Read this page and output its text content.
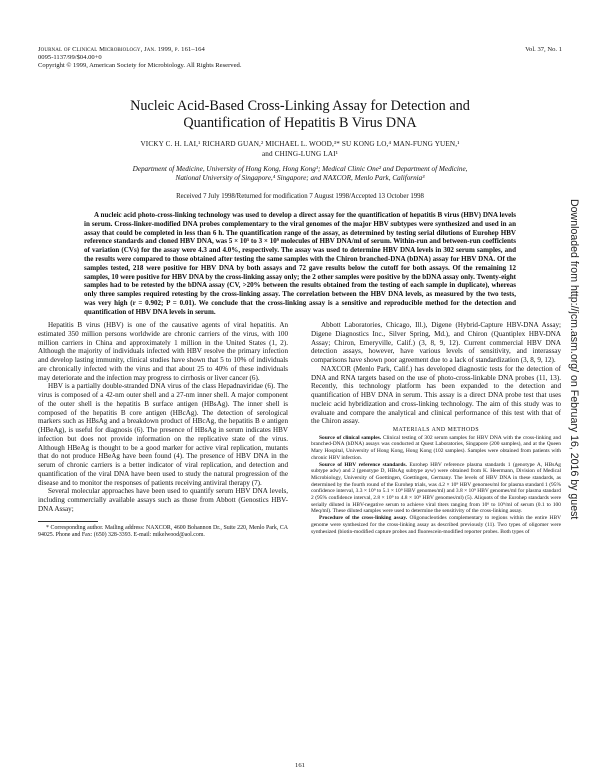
Journal of Clinical Microbiology, Jan. 1999, p. 161–164
0095-1137/99/$04.00+0
Copyright © 1999, American Society for Microbiology. All Rights Reserved.
Vol. 37, No. 1
Nucleic Acid-Based Cross-Linking Assay for Detection and
Quantification of Hepatitis B Virus DNA
VICKY C. H. LAI,¹ RICHARD GUAN,² MICHAEL L. WOOD,³* SU KONG LO,⁴ MAN-FUNG YUEN,¹
and CHING-LUNG LAI¹
Department of Medicine, University of Hong Kong, Hong Kong¹; Medical Clinic One² and Department of Medicine,
National University of Singapore,⁴ Singapore; and NAXCOR, Menlo Park, California³
Received 7 July 1998/Returned for modification 7 August 1998/Accepted 13 October 1998
A nucleic acid photo-cross-linking technology was used to develop a direct assay for the quantification of hepatitis B virus (HBV) DNA levels in serum. Cross-linker-modified DNA probes complementary to the viral genomes of the major HBV subtypes were synthesized and used in an assay that could be completed in less than 6 h. The quantification range of the assay, as determined by testing serial dilutions of Eurohep HBV reference standards and cloned HBV DNA, was 5 × 10⁵ to 3 × 10⁹ molecules of HBV DNA/ml of serum. Within-run and between-run coefficients of variation (CVs) for the assay were 4.3 and 4.0%, respectively. The assay was used to determine HBV DNA levels in 302 serum samples, and the results were compared to those obtained after testing the same samples with the Chiron branched-DNA (bDNA) assay for HBV DNA. Of the samples tested, 218 were positive for HBV DNA by both assays and 72 gave results below the cutoff for both assays. Of the remaining 12 samples, 10 were positive for HBV DNA by the cross-linking assay only; the 2 other samples were positive by the bDNA assay only. Twenty-eight samples had to be retested by the bDNA assay (CV, >20% between the results obtained from the testing of each sample in duplicate), whereas only three samples required retesting by the cross-linking assay. The correlation between the HBV DNA levels, as measured by the two tests, was very high (r = 0.902; P = 0.01). We conclude that the cross-linking assay is a sensitive and reproducible method for the detection and quantification of HBV DNA levels in serum.

Hepatitis B virus (HBV) is one of the causative agents of viral hepatitis. An estimated 350 million persons worldwide are chronic carriers of the virus, with 100 million carriers in China and approximately 1 million in the United States (1, 2). Although the majority of individuals infected with HBV resolve the primary infection and develop lasting immunity, clinical studies have shown that 5 to 10% of individuals are chronically infected with the virus and that about 25 to 40% of these individuals may deteriorate and the infection may progress to cirrhosis or liver cancer (6).

HBV is a partially double-stranded DNA virus of the class Hepadnaviridae (6). The virus is composed of a 42-nm outer shell and a 27-nm inner shell. A major component of the outer shell is the hepatitis B surface antigen (HBsAg). The inner shell is composed of the hepatitis B core antigen (HBcAg). The detection of serological markers such as HBsAg and a breakdown product of HBcAg, the hepatitis B e antigen (HBeAg), is useful for diagnosis (6). The presence of HBsAg in serum indicates HBV infection but does not provide information on the replicative state of the virus. Although HBeAg is thought to be a good marker for active viral replication, mutants that do not produce HBeAg have been found (4). The presence of HBV DNA in the serum of chronic carriers is a better indicator of viral replication, and detection and quantification of the viral DNA have been used to study the natural progression of the disease and to monitor the responses of patients receiving antiviral therapy (7).

Several molecular approaches have been used to quantify serum HBV DNA levels, including commercially available assays such as those from Abbott (Genostics HBV-DNA Assay;

* Corresponding author. Mailing address: NAXCOR, 4600 Bohannon Dr., Suite 220, Menlo Park, CA 94025. Phone and Fax: (650) 328-3393. E-mail: mikelwood@aol.com.

Abbott Laboratories, Chicago, Ill.), Digene (Hybrid-Capture HBV-DNA Assay; Digene Diagnostics Inc., Silver Spring, Md.), and Chiron (Quantiplex HBV-DNA Assay; Chiron, Emeryville, Calif.) (3, 8, 9, 12). Current commercial HBV DNA detection assays, however, have various levels of sensitivity, and interassay comparisons have shown poor agreement due to a lack of standardization (3, 8, 9, 12).

NAXCOR (Menlo Park, Calif.) has developed diagnostic tests for the detection of DNA and RNA targets based on the use of photo-cross-linkable DNA probes (11, 13). Recently, this technology platform has been expanded to the detection and quantification of HBV DNA in serum. This assay is a direct DNA probe test that uses nucleic acid hybridization and cross-linking technology. The aim of this study was to evaluate and compare the analytical and clinical performance of this test with that of the Chiron assay.

MATERIALS AND METHODS

Source of clinical samples. Clinical testing of 302 serum samples for HBV DNA with the cross-linking and branched-DNA (bDNA) assays was conducted at Quest Laboratories, Singapore (200 samples), and at the Queen Mary Hospital, University of Hong Kong, Hong Kong (102 samples). Samples were obtained from patients with chronic HBV infection.

Source of HBV reference standards. Eurohep HBV reference plasma standards 1 (genotype A, HBsAg subtype adw) and 2 (genotype D, HBsAg subtype ayw) were obtained from K. Heermann, Division of Medical Microbiology, University of Goettingen, Goettingen, Germany. The levels of HBV DNA in these standards, as determined by the fourth round of the Eurohep trials, was 4.2 × 10⁹ HBV genomes/ml for plasma standard 1 (95% confidence interval, 3.3 × 10⁹ to 5.1 × 10⁹ HBV genomes/ml) and 3.8 × 10⁹ HBV genomes/ml for plasma standard 2 (95% confidence interval, 2.8 × 10⁹ to 4.8 × 10⁹ HBV genomes/ml) (5). Aliquots of the Eurohep standards were serially diluted in HBV-negative serum to achieve viral titers ranging from 10⁶ to 10⁹/ml of serum (0.1 to 100 Meq/ml). These diluted samples were used to determine the sensitivity of the cross-linking assay.

Procedure of the cross-linking assay. Oligonucleotides complementary to regions within the entire HBV genome were synthesized for the cross-linking assay as described previously (11). Two types of oligomer were synthesized (biotin-modified capture probes and fluorescein-modified reporter probes. Both types of

161
Downloaded from http://jcm.asm.org/ on February 16, 2016 by guest
